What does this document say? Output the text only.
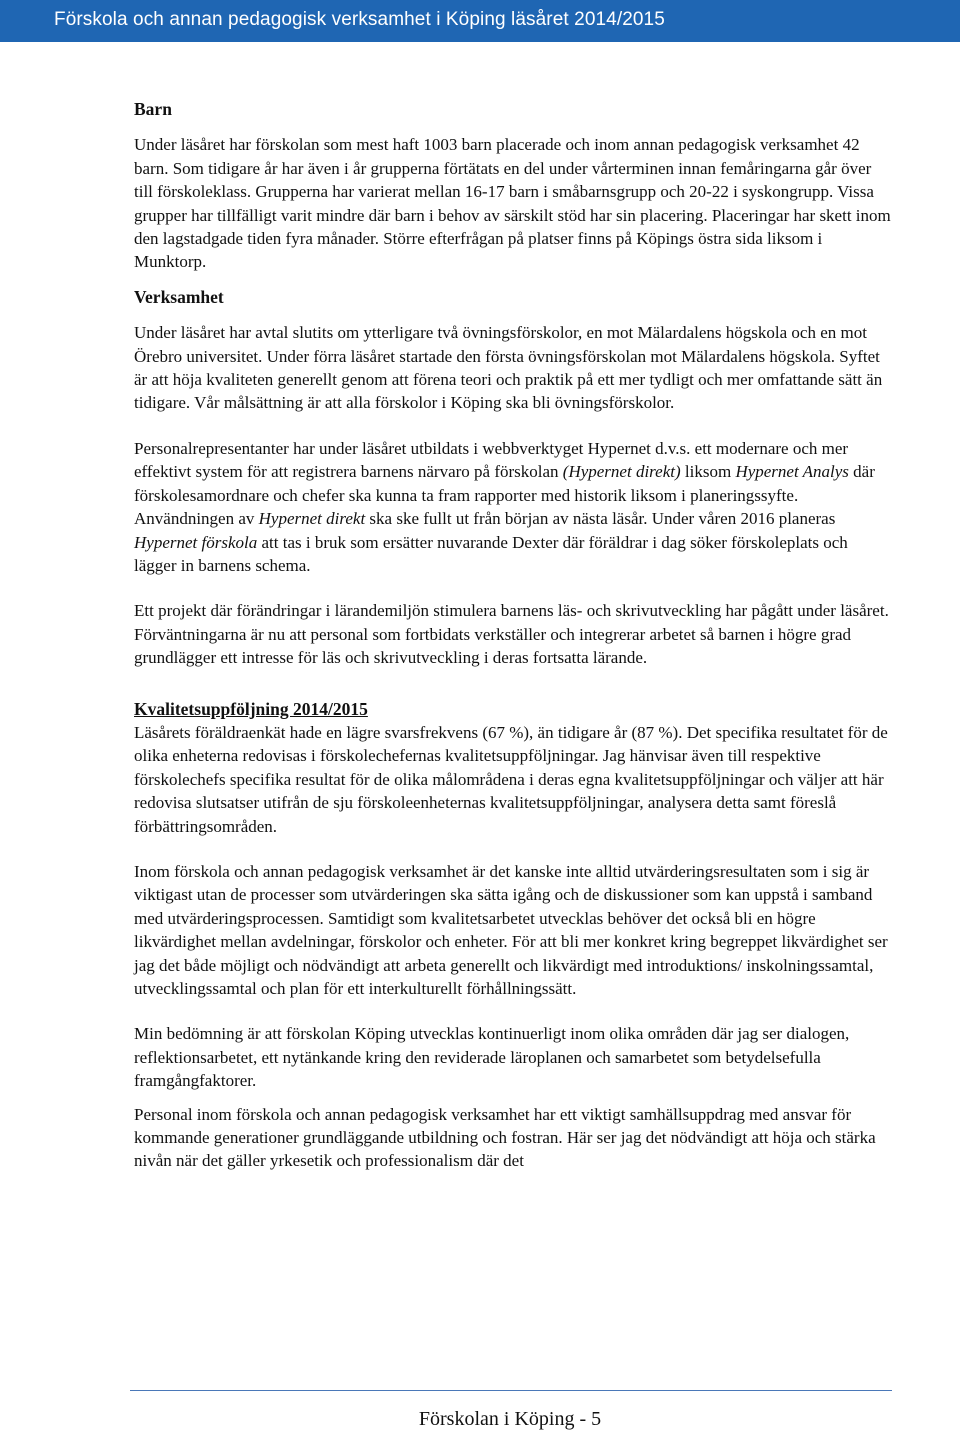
Förskola och annan pedagogisk verksamhet i Köping läsåret 2014/2015

Barn

Under läsåret har förskolan som mest haft 1003 barn placerade och inom annan pedagogisk verksamhet 42 barn. Som tidigare år har även i år grupperna förtätats en del under vårterminen innan femåringarna går över till förskoleklass. Grupperna har varierat mellan 16-17 barn i småbarnsgrupp och 20-22 i syskongrupp. Vissa grupper har tillfälligt varit mindre där barn i behov av särskilt stöd har sin placering. Placeringar har skett inom den lagstadgade tiden fyra månader. Större efterfrågan på platser finns på Köpings östra sida liksom i Munktorp.

Verksamhet

Under läsåret har avtal slutits om ytterligare två övningsförskolor, en mot Mälardalens högskola och en mot Örebro universitet. Under förra läsåret startade den första övningsförskolan mot Mälardalens högskola. Syftet är att höja kvaliteten generellt genom att förena teori och praktik på ett mer tydligt och mer omfattande sätt än tidigare. Vår målsättning är att alla förskolor i Köping ska bli övningsförskolor.

Personalrepresentanter har under läsåret utbildats i webbverktyget Hypernet d.v.s. ett modernare och mer effektivt system för att registrera barnens närvaro på förskolan (Hypernet direkt) liksom Hypernet Analys där förskolesamordnare och chefer ska kunna ta fram rapporter med historik liksom i planeringssyfte. Användningen av Hypernet direkt ska ske fullt ut från början av nästa läsår. Under våren 2016 planeras Hypernet förskola att tas i bruk som ersätter nuvarande Dexter där föräldrar i dag söker förskoleplats och lägger in barnens schema.

Ett projekt där förändringar i lärandemiljön stimulera barnens läs- och skrivutveckling har pågått under läsåret. Förväntningarna är nu att personal som fortbidats verkställer och integrerar arbetet så barnen i högre grad grundlägger ett intresse för läs och skrivutveckling i deras fortsatta lärande.

Kvalitetsuppföljning 2014/2015

Läsårets föräldraenkät hade en lägre svarsfrekvens (67 %), än tidigare år (87 %). Det specifika resultatet för de olika enheterna redovisas i förskolechefernas kvalitetsuppföljningar. Jag hänvisar även till respektive förskolechefs specifika resultat för de olika målområdena i deras egna kvalitetsuppföljningar och väljer att här redovisa slutsatser utifrån de sju förskoleenheternas kvalitetsuppföljningar, analysera detta samt föreslå förbättringsområden.

Inom förskola och annan pedagogisk verksamhet är det kanske inte alltid utvärderingsresultaten som i sig är viktigast utan de processer som utvärderingen ska sätta igång och de diskussioner som kan uppstå i samband med utvärderingsprocessen. Samtidigt som kvalitetsarbetet utvecklas behöver det också bli en högre likvärdighet mellan avdelningar, förskolor och enheter. För att bli mer konkret kring begreppet likvärdighet ser jag det både möjligt och nödvändigt att arbeta generellt och likvärdigt med introduktions/ inskolningssamtal, utvecklingssamtal och plan för ett interkulturellt förhållningssätt.

Min bedömning är att förskolan Köping utvecklas kontinuerligt inom olika områden där jag ser dialogen, reflektionsarbetet, ett nytänkande kring den reviderade läroplanen och samarbetet som betydelsefulla framgångfaktorer.

Personal inom förskola och annan pedagogisk verksamhet har ett viktigt samhällsuppdrag med ansvar för kommande generationer grundläggande utbildning och fostran. Här ser jag det nödvändigt att höja och stärka nivån när det gäller yrkesetik och professionalism där det

Förskolan i Köping - 5
